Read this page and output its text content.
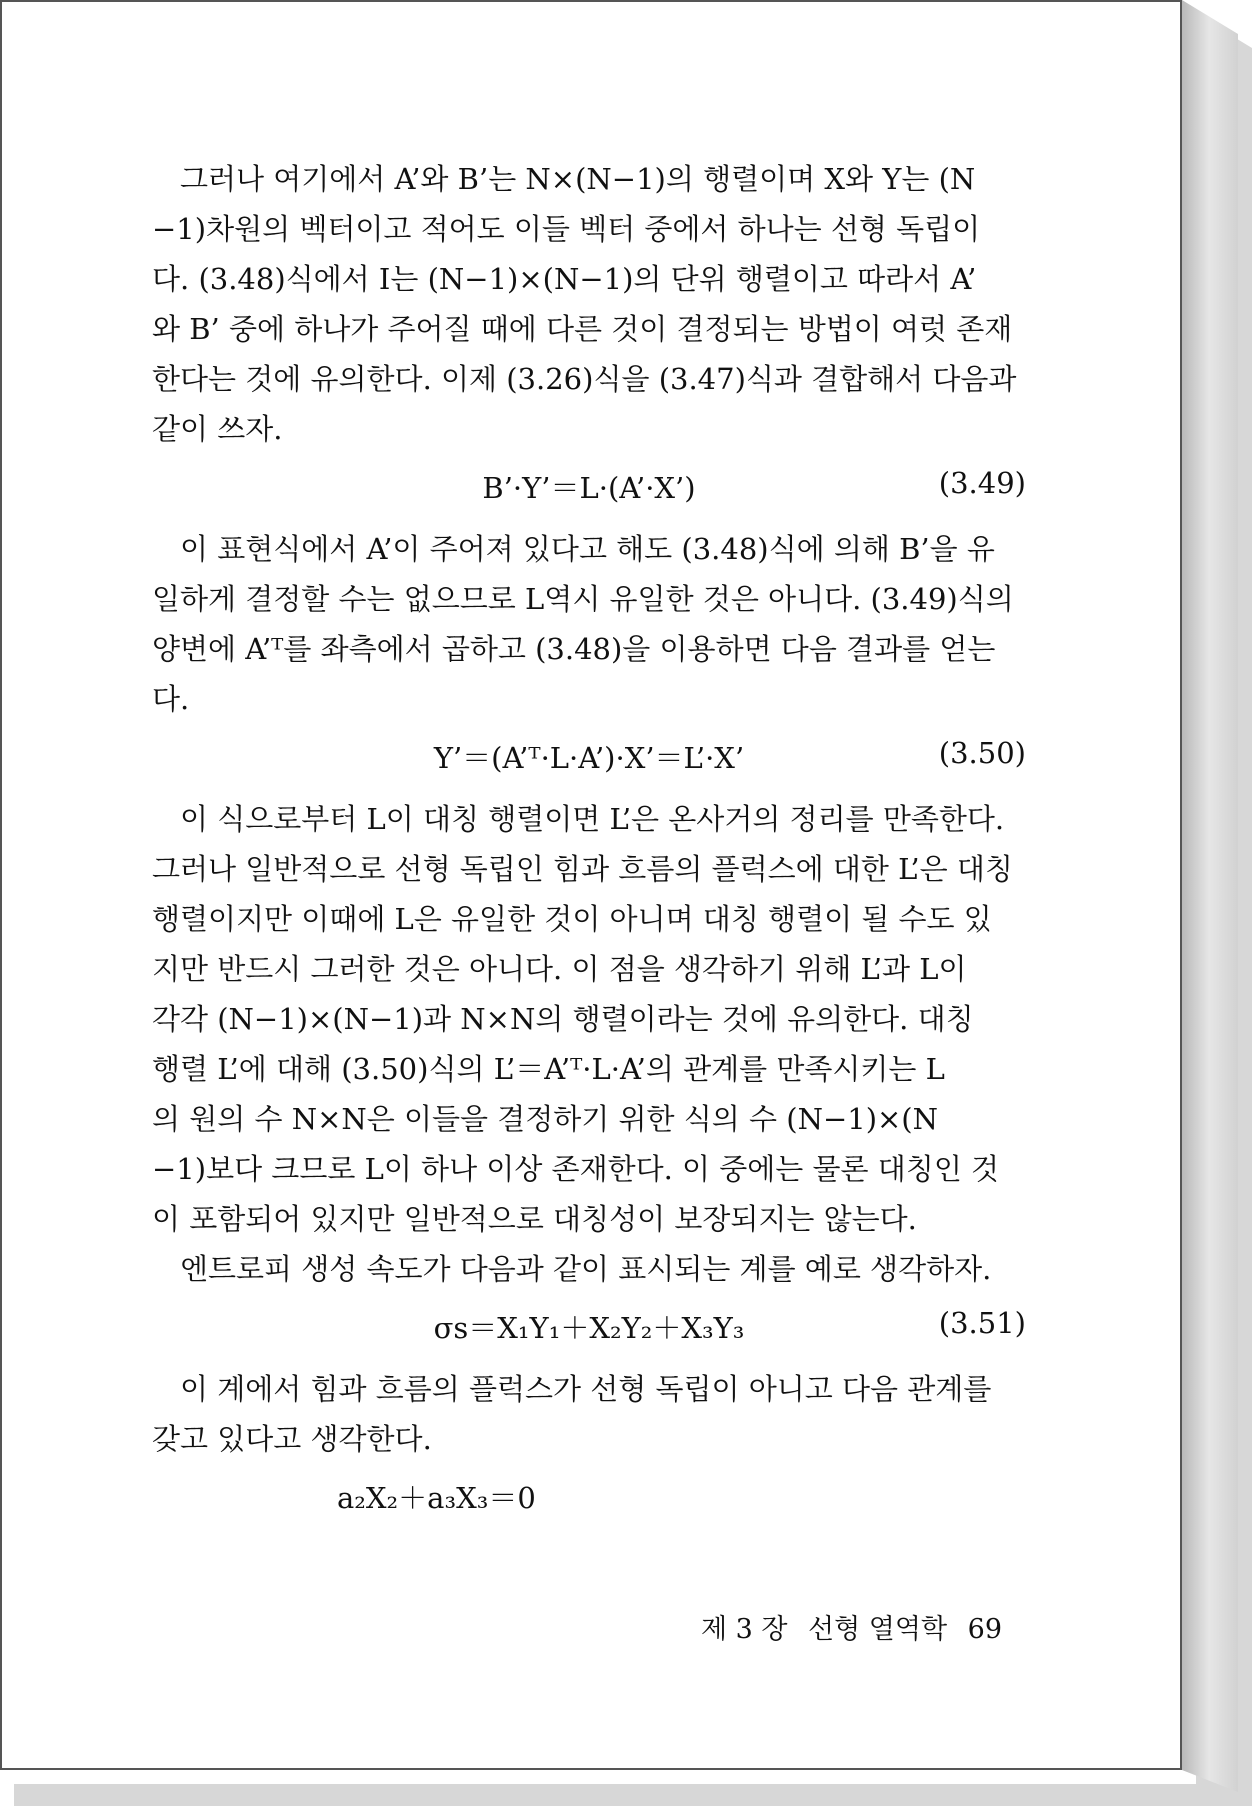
그러나 여기에서 A’와 B’는 N×(N−1)의 행렬이며 X와 Y는 (N
−1)차원의 벡터이고 적어도 이들 벡터 중에서 하나는 선형 독립이
다. (3.48)식에서 I는 (N−1)×(N−1)의 단위 행렬이고 따라서 A’
와 B’ 중에 하나가 주어질 때에 다른 것이 결정되는 방법이 여럿 존재
한다는 것에 유의한다. 이제 (3.26)식을 (3.47)식과 결합해서 다음과
같이 쓰자.

B’·Y’＝L·(A’·X’)	(3.49)

이 표현식에서 A’이 주어져 있다고 해도 (3.48)식에 의해 B’을 유
일하게 결정할 수는 없으므로 L역시 유일한 것은 아니다. (3.49)식의
양변에 A’ᵀ를 좌측에서 곱하고 (3.48)을 이용하면 다음 결과를 얻는
다.

Y’＝(A’ᵀ·L·A’)·X’＝L’·X’	(3.50)

이 식으로부터 L이 대칭 행렬이면 L’은 온사거의 정리를 만족한다.
그러나 일반적으로 선형 독립인 힘과 흐름의 플럭스에 대한 L’은 대칭
행렬이지만 이때에 L은 유일한 것이 아니며 대칭 행렬이 될 수도 있
지만 반드시 그러한 것은 아니다. 이 점을 생각하기 위해 L’과 L이
각각 (N−1)×(N−1)과 N×N의 행렬이라는 것에 유의한다. 대칭
행렬 L’에 대해 (3.50)식의 L’＝A’ᵀ·L·A’의 관계를 만족시키는 L
의 원의 수 N×N은 이들을 결정하기 위한 식의 수 (N−1)×(N
−1)보다 크므로 L이 하나 이상 존재한다. 이 중에는 물론 대칭인 것
이 포함되어 있지만 일반적으로 대칭성이 보장되지는 않는다.

엔트로피 생성 속도가 다음과 같이 표시되는 계를 예로 생각하자.

σs＝X₁Y₁＋X₂Y₂＋X₃Y₃	(3.51)

이 계에서 힘과 흐름의 플럭스가 선형 독립이 아니고 다음 관계를
갖고 있다고 생각한다.

a₂X₂＋a₃X₃＝0
제 3 장 선형 열역학 69
